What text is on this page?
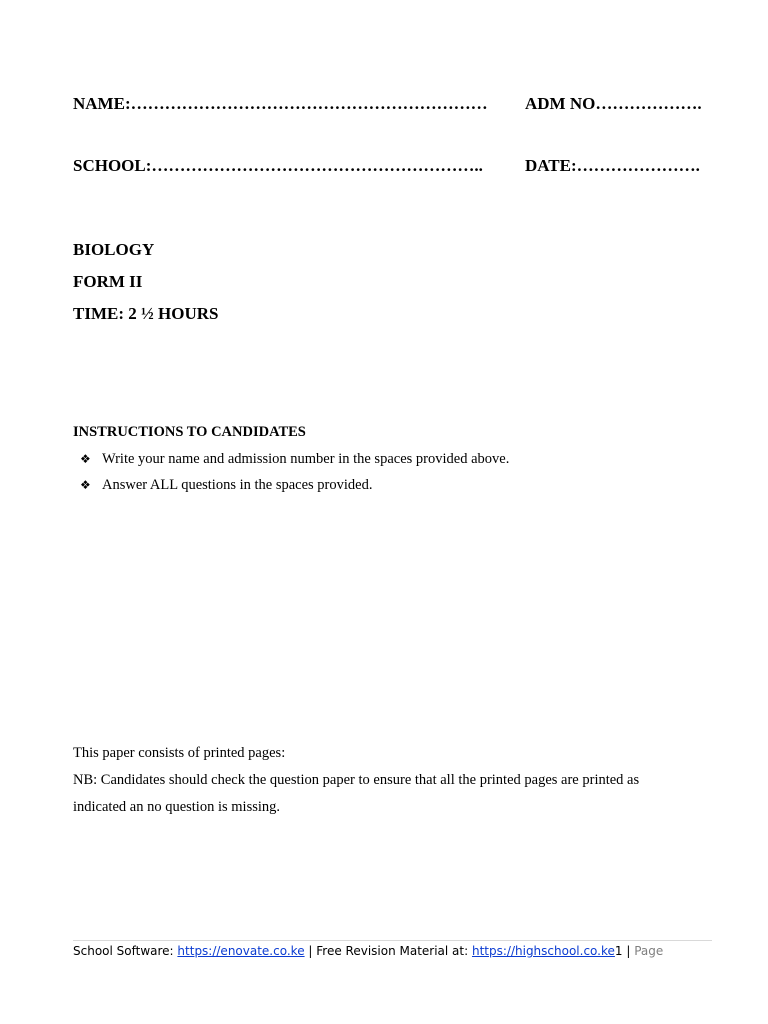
NAME:……………………………………………………… ADM NO……………….
SCHOOL:………………………………………………….. DATE:………………….
BIOLOGY
FORM II
TIME: 2 ½ HOURS
INSTRUCTIONS TO CANDIDATES
❖ Write your name and admission number in the spaces provided above.
❖ Answer ALL questions in the spaces provided.
This paper consists of printed pages:
NB: Candidates should check the question paper to ensure that all the printed pages are printed as
indicated an no question is missing.
School Software: https://enovate.co.ke | Free Revision Material at: https://highschool.co.ke1 | Page
